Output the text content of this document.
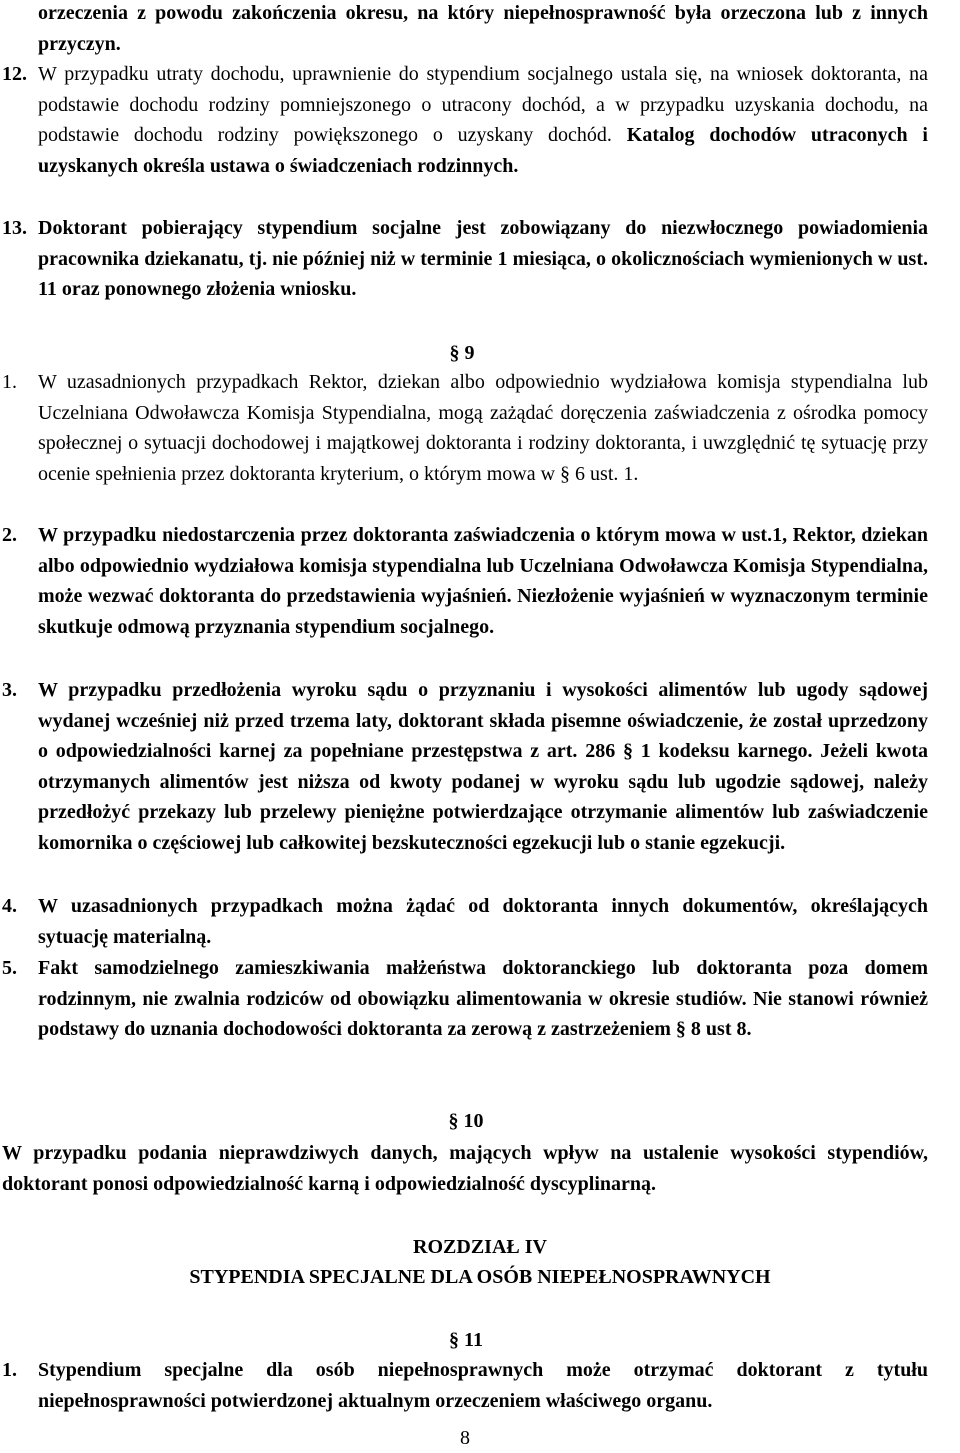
orzeczenia z powodu zakończenia okresu, na który niepełnosprawność była orzeczona lub z innych przyczyn.

12. W przypadku utraty dochodu, uprawnienie do stypendium socjalnego ustala się, na wniosek doktoranta, na podstawie dochodu rodziny pomniejszonego o utracony dochód, a w przypadku uzyskania dochodu, na podstawie dochodu rodziny powiększonego o uzyskany dochód. Katalog dochodów utraconych i uzyskanych określa ustawa o świadczeniach rodzinnych.

13. Doktorant pobierający stypendium socjalne jest zobowiązany do niezwłocznego powiadomienia pracownika dziekanatu, tj. nie później niż w terminie 1 miesiąca, o okolicznościach wymienionych w ust. 11 oraz ponownego złożenia wniosku.

§ 9
1. W uzasadnionych przypadkach Rektor, dziekan albo odpowiednio wydziałowa komisja stypendialna lub Uczelniana Odwoławcza Komisja Stypendialna, mogą zażądać doręczenia zaświadczenia z ośrodka pomocy społecznej o sytuacji dochodowej i majątkowej doktoranta i rodziny doktoranta, i uwzględnić tę sytuację przy ocenie spełnienia przez doktoranta kryterium, o którym mowa w § 6 ust. 1.

2. W przypadku niedostarczenia przez doktoranta zaświadczenia o którym mowa w ust.1, Rektor, dziekan albo odpowiednio wydziałowa komisja stypendialna lub Uczelniana Odwoławcza Komisja Stypendialna, może wezwać doktoranta do przedstawienia wyjaśnień. Niezłożenie wyjaśnień w wyznaczonym terminie skutkuje odmową przyznania stypendium socjalnego.

3. W przypadku przedłożenia wyroku sądu o przyznaniu i wysokości alimentów lub ugody sądowej wydanej wcześniej niż przed trzema laty, doktorant składa pisemne oświadczenie, że został uprzedzony o odpowiedzialności karnej za popełniane przestępstwa z art. 286 § 1 kodeksu karnego. Jeżeli kwota otrzymanych alimentów jest niższa od kwoty podanej w wyroku sądu lub ugodzie sądowej, należy przedłożyć przekazy lub przelewy pieniężne potwierdzające otrzymanie alimentów lub zaświadczenie komornika o częściowej lub całkowitej bezskuteczności egzekucji lub o stanie egzekucji.

4. W uzasadnionych przypadkach można żądać od doktoranta innych dokumentów, określających sytuację materialną.

5. Fakt samodzielnego zamieszkiwania małżeństwa doktoranckiego lub doktoranta poza domem rodzinnym, nie zwalnia rodziców od obowiązku alimentowania w okresie studiów. Nie stanowi również podstawy do uznania dochodowości doktoranta za zerową z zastrzeżeniem § 8 ust 8.

§ 10

W przypadku podania nieprawdziwych danych, mających wpływ na ustalenie wysokości stypendiów, doktorant ponosi odpowiedzialność karną i odpowiedzialność dyscyplinarną.

ROZDZIAŁ IV
STYPENDIA SPECJALNE DLA OSÓB NIEPEŁNOSPRAWNYCH
§ 11
1. Stypendium specjalne dla osób niepełnosprawnych może otrzymać doktorant z tytułu niepełnosprawności potwierdzonej aktualnym orzeczeniem właściwego organu.

8
